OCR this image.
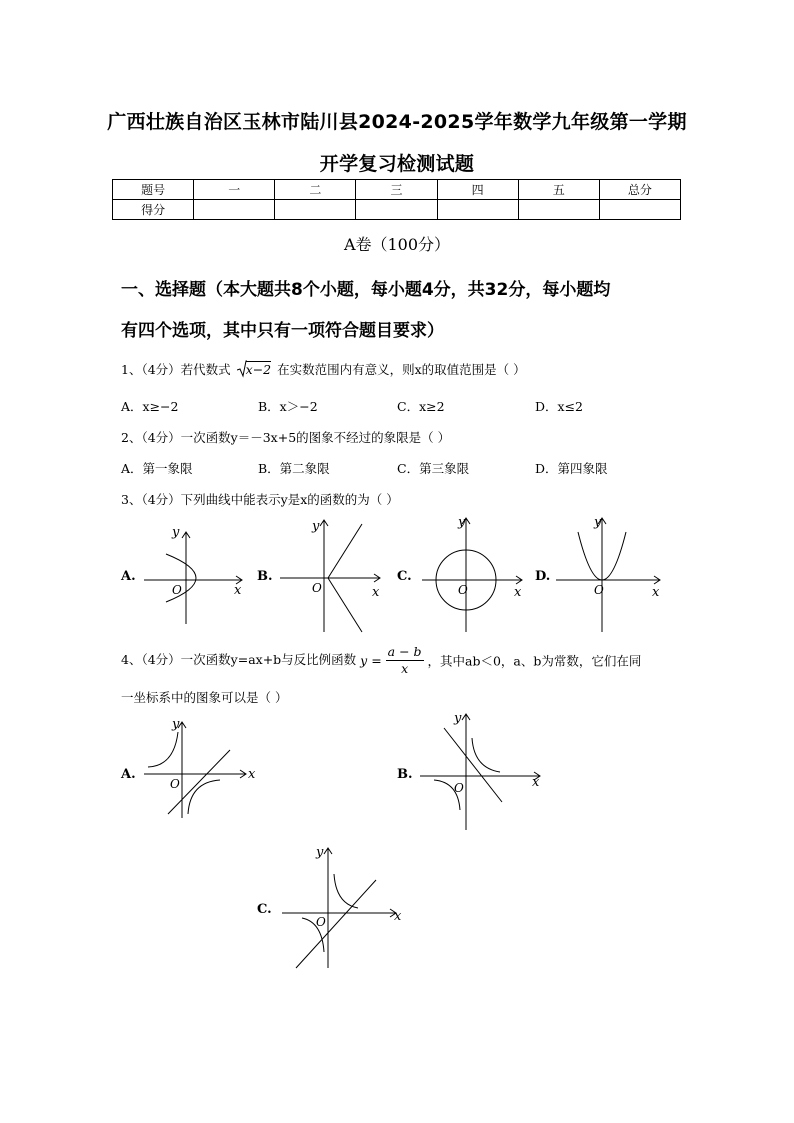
广西壮族自治区玉林市陆川县2024-2025学年数学九年级第一学期
开学复习检测试题
题号	一	二	三	四	五	总分
得分						
A卷（100分）
一、选择题（本大题共8个小题，每小题4分，共32分，每小题均
有四个选项，其中只有一项符合题目要求）
1、（4分）若代数式 x−2 在实数范围内有意义，则x的取值范围是（ ）
A．x≥−2	B．x＞−2	C．x≥2	D．x≤2
2、（4分）一次函数y＝－3x+5的图象不经过的象限是（ ）
A．第一象限	B．第二象限	C．第三象限	D．第四象限
3、（4分）下列曲线中能表示y是x的函数的为（ ）
A.
O	x
y
B.
O	x
y
C.
O	x
y
D.
O	x
y
4、（4分）一次函数y=ax+b与反比例函数 $y = \frac{a - b}{x}$ ，其中ab＜0，a、b为常数，它们在同
一坐标系中的图象可以是（ ）
A.
O
x
y
B.
O	x
y
C.
O	x
y
